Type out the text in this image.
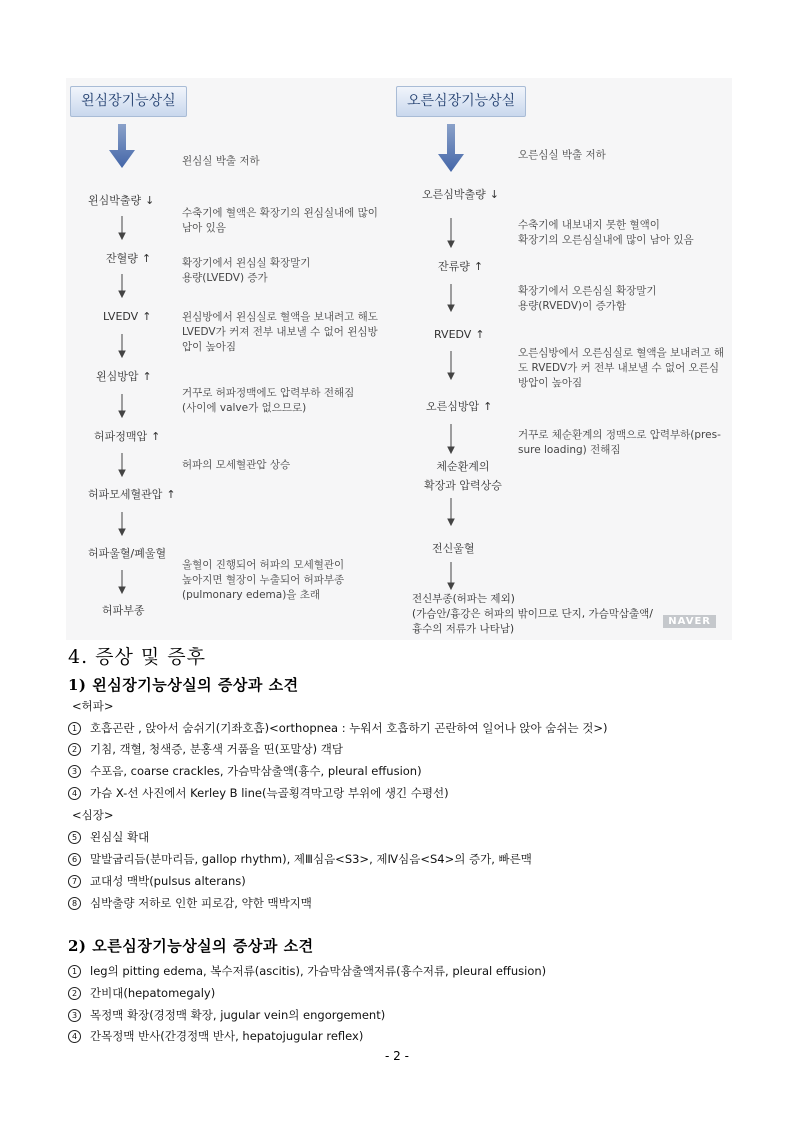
왼심장기능상실	오른심장기능상실
왼심박출량 ↓
잔혈량 ↑
LVEDV ↑
왼심방압 ↑
허파정맥압 ↑
허파모세혈관압 ↑
허파울혈/폐울혈
허파부종
왼심실 박출 저하
수축기에 혈액은 확장기의 왼심실내에 많이
남아 있음
확장기에서 왼심실 확장말기
용량(LVEDV) 증가
왼심방에서 왼심실로 혈액을 보내려고 해도
LVEDV가 커져 전부 내보낼 수 없어 왼심방
압이 높아짐
거꾸로 허파정맥에도 압력부하 전해짐
(사이에 valve가 없으므로)
허파의 모세혈관압 상승
울혈이 진행되어 허파의 모세혈관이
높아지면 혈장이 누출되어 허파부종
(pulmonary edema)을 초래
오른심박출량 ↓
잔류량 ↑
RVEDV ↑
오른심방압 ↑
체순환계의
확장과 압력상승
전신울혈
전신부종(허파는 제외)
(가슴안/흉강은 허파의 밖이므로 단지, 가슴막삼출액/
흉수의 저류가 나타남)
오른심실 박출 저하
수축기에 내보내지 못한 혈액이
확장기의 오른심실내에 많이 남아 있음
확장기에서 오른심실 확장말기
용량(RVEDV)이 증가함
오른심방에서 오른심실로 혈액을 보내려고 해
도 RVEDV가 커 전부 내보낼 수 없어 오른심
방압이 높아짐
거꾸로 체순환계의 정맥으로 압력부하(pres-
sure loading) 전해짐
NAVER
4. 증상 및 증후
1) 왼심장기능상실의 증상과 소견
<허파>
1 호흡곤란 , 앉아서 숨쉬기(기좌호흡)<orthopnea : 누워서 호흡하기 곤란하여 일어나 앉아 숨쉬는 것>)
2 기침, 객혈, 청색증, 분홍색 거품을 띤(포말상) 객담
3 수포음, coarse crackles, 가슴막삼출액(흉수, pleural effusion)
4 가슴 X-선 사진에서 Kerley B line(늑골횡격막고랑 부위에 생긴 수평선)
<심장>
5 왼심실 확대
6 말발굽리듬(분마리듬, gallop rhythm), 제Ⅲ심음<S3>, 제Ⅳ심음<S4>의 증가, 빠른맥
7 교대성 맥박(pulsus alterans)
8 심박출량 저하로 인한 피로감, 약한 맥박지맥
2) 오른심장기능상실의 증상과 소견
1 leg의 pitting edema, 복수저류(ascitis), 가슴막삼출액저류(흉수저류, pleural effusion)
2 간비대(hepatomegaly)
3 목정맥 확장(경정맥 확장, jugular vein의 engorgement)
4 간목정맥 반사(간경정맥 반사, hepatojugular reflex)
- 2 -
